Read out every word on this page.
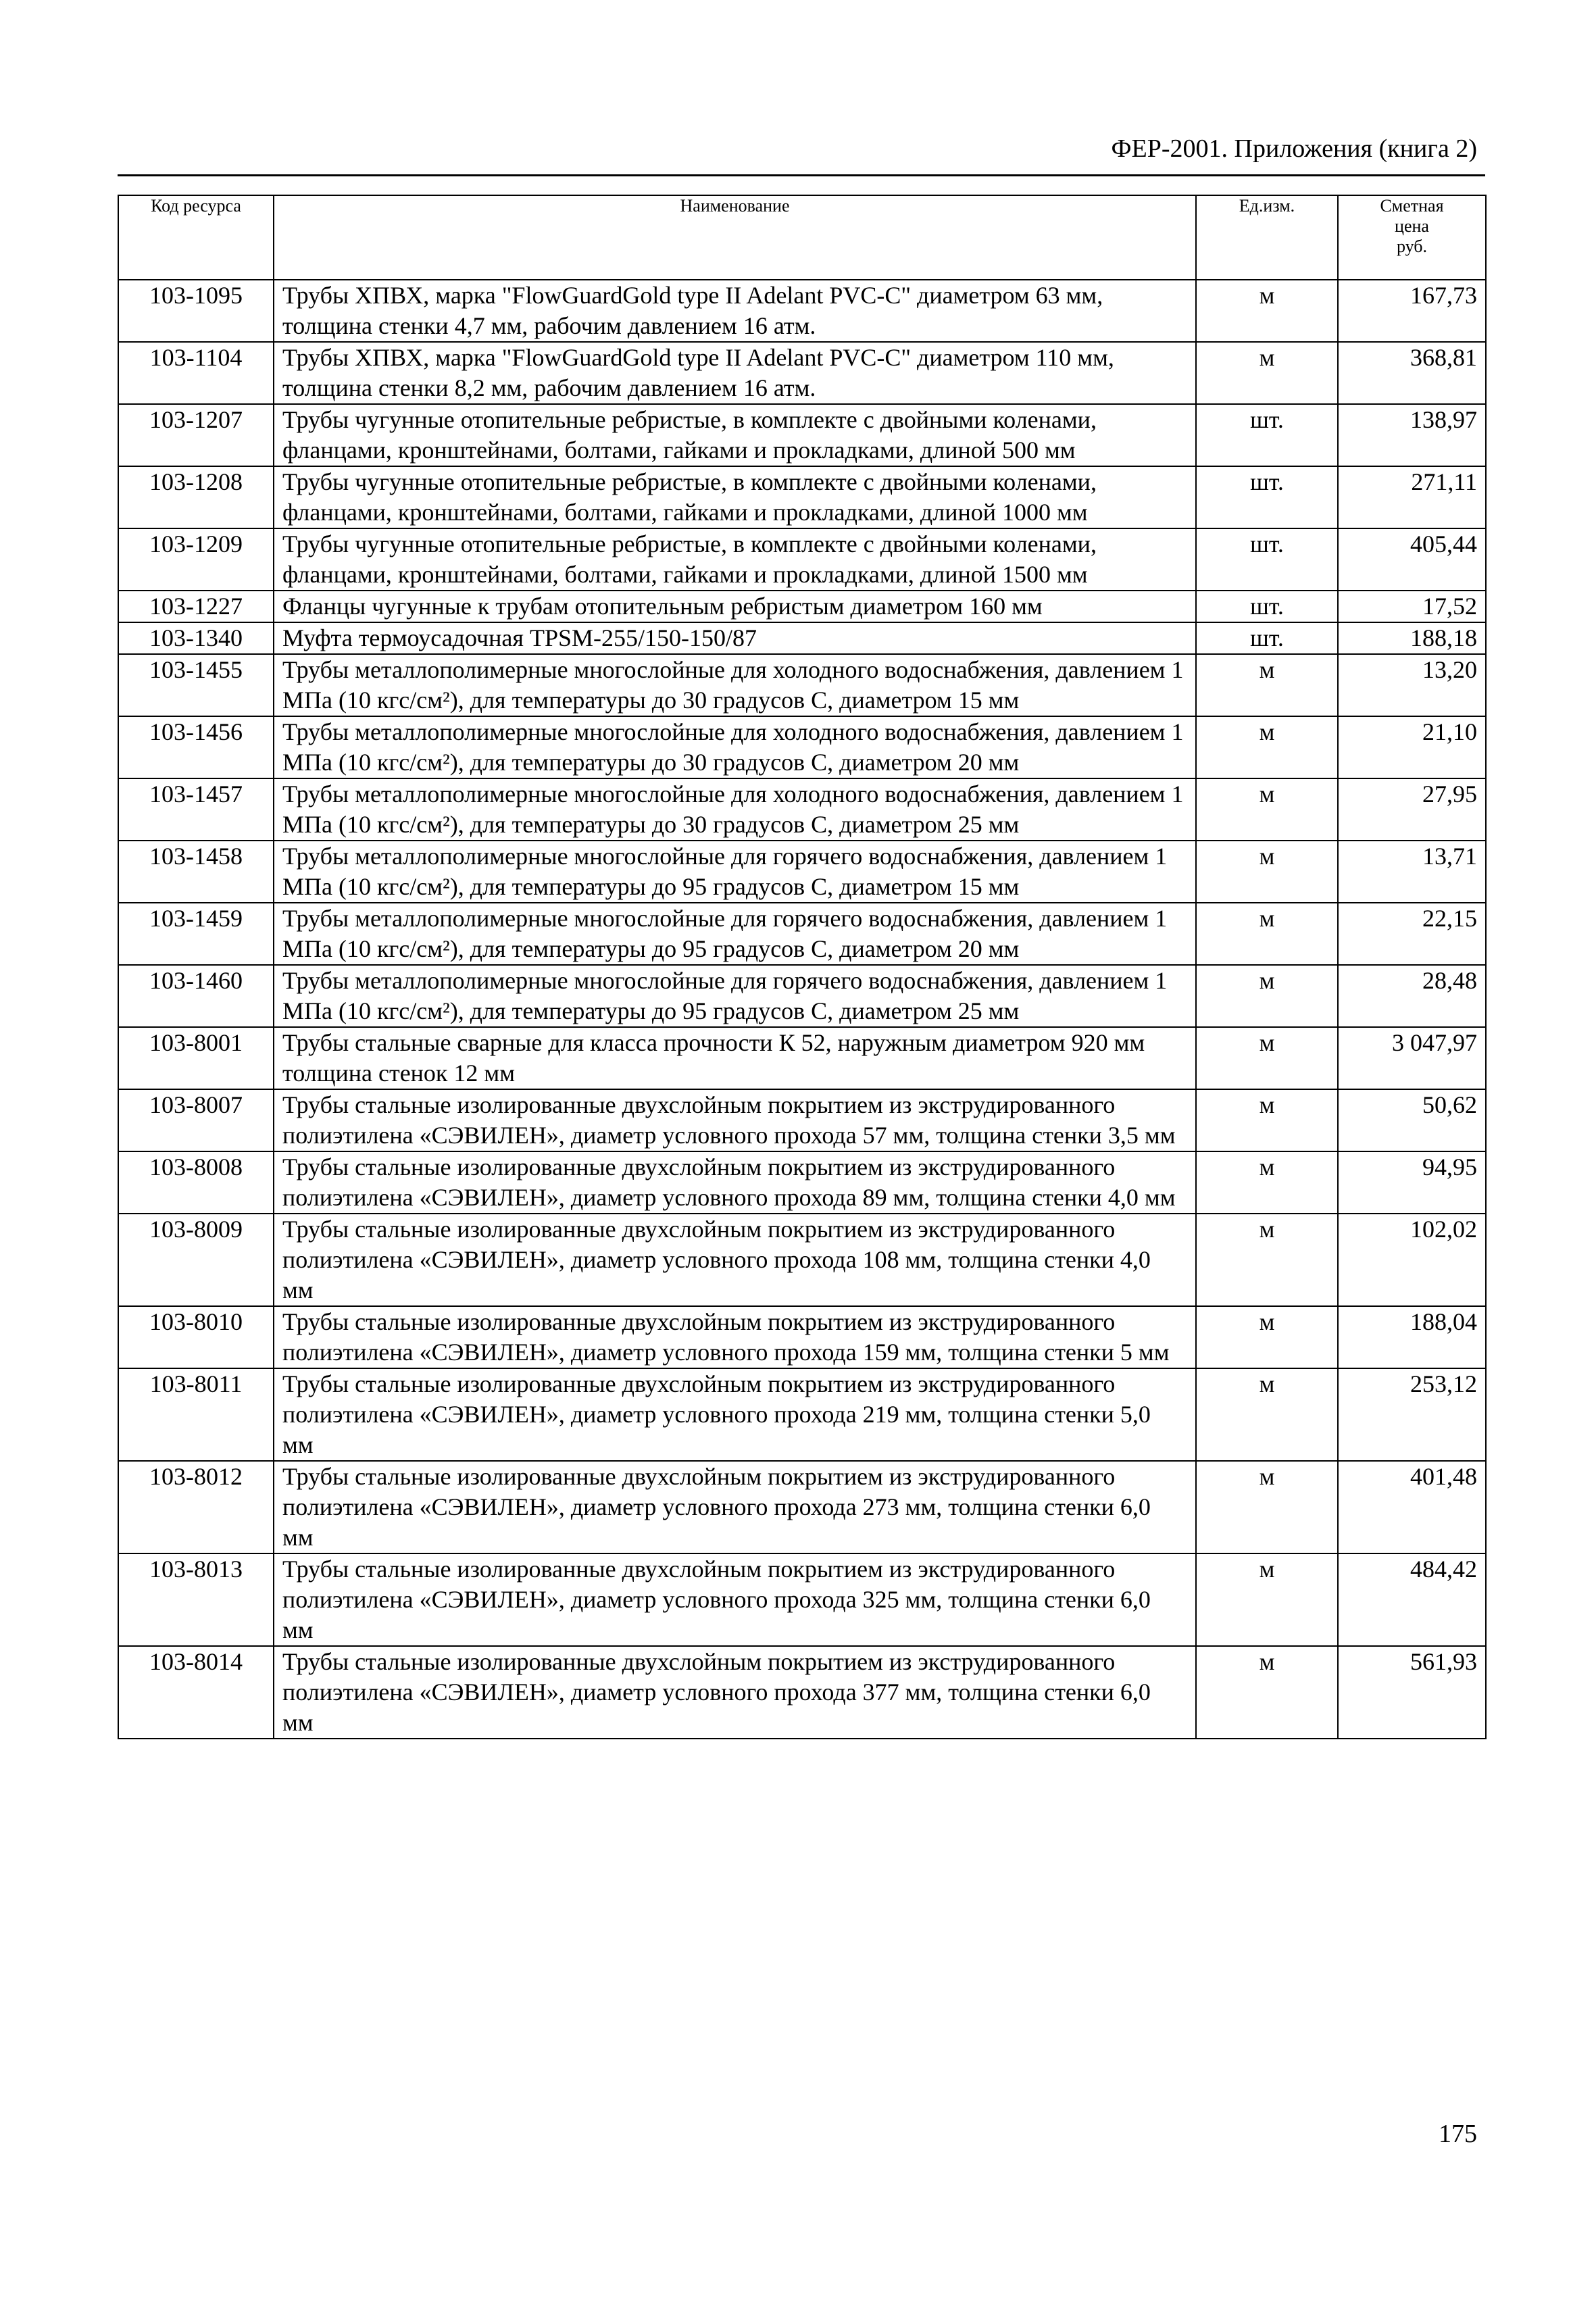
ФЕР-2001. Приложения (книга 2)
Код ресурса	Наименование	Ед.изм.	Сметная
цена
руб.

103-1095	Трубы ХПВХ, марка "FlowGuardGold type II Adelant PVC-C" диаметром 63 мм, толщина стенки 4,7 мм, рабочим давлением 16 атм.	м	167,73
103-1104	Трубы ХПВХ, марка "FlowGuardGold type II Adelant PVC-C" диаметром 110 мм, толщина стенки 8,2 мм, рабочим давлением 16 атм.	м	368,81
103-1207	Трубы чугунные отопительные ребристые, в комплекте с двойными коленами, фланцами, кронштейнами, болтами, гайками и прокладками, длиной 500 мм	шт.	138,97
103-1208	Трубы чугунные отопительные ребристые, в комплекте с двойными коленами, фланцами, кронштейнами, болтами, гайками и прокладками, длиной 1000 мм	шт.	271,11
103-1209	Трубы чугунные отопительные ребристые, в комплекте с двойными коленами, фланцами, кронштейнами, болтами, гайками и прокладками, длиной 1500 мм	шт.	405,44
103-1227	Фланцы чугунные к трубам отопительным ребристым диаметром 160 мм	шт.	17,52
103-1340	Муфта термоусадочная TPSM-255/150-150/87	шт.	188,18
103-1455	Трубы металлополимерные многослойные для холодного водоснабжения, давлением 1 МПа (10 кгс/см²), для температуры до 30 градусов С, диаметром 15 мм	м	13,20
103-1456	Трубы металлополимерные многослойные для холодного водоснабжения, давлением 1 МПа (10 кгс/см²), для температуры до 30 градусов С, диаметром 20 мм	м	21,10
103-1457	Трубы металлополимерные многослойные для холодного водоснабжения, давлением 1 МПа (10 кгс/см²), для температуры до 30 градусов С, диаметром 25 мм	м	27,95
103-1458	Трубы металлополимерные многослойные для горячего водоснабжения, давлением 1 МПа (10 кгс/см²), для температуры до 95 градусов С, диаметром 15 мм	м	13,71
103-1459	Трубы металлополимерные многослойные для горячего водоснабжения, давлением 1 МПа (10 кгс/см²), для температуры до 95 градусов С, диаметром 20 мм	м	22,15
103-1460	Трубы металлополимерные многослойные для горячего водоснабжения, давлением 1 МПа (10 кгс/см²), для температуры до 95 градусов С, диаметром 25 мм	м	28,48
103-8001	Трубы стальные сварные для класса прочности К 52, наружным диаметром 920 мм толщина стенок 12 мм	м	3 047,97
103-8007	Трубы стальные изолированные двухслойным покрытием из экструдированного полиэтилена «СЭВИЛЕН», диаметр условного прохода 57 мм, толщина стенки 3,5 мм	м	50,62
103-8008	Трубы стальные изолированные двухслойным покрытием из экструдированного полиэтилена «СЭВИЛЕН», диаметр условного прохода 89 мм, толщина стенки 4,0 мм	м	94,95
103-8009	Трубы стальные изолированные двухслойным покрытием из экструдированного полиэтилена «СЭВИЛЕН», диаметр условного прохода 108 мм, толщина стенки 4,0 мм	м	102,02
103-8010	Трубы стальные изолированные двухслойным покрытием из экструдированного полиэтилена «СЭВИЛЕН», диаметр условного прохода 159 мм, толщина стенки 5 мм	м	188,04
103-8011	Трубы стальные изолированные двухслойным покрытием из экструдированного полиэтилена «СЭВИЛЕН», диаметр условного прохода 219 мм, толщина стенки 5,0 мм	м	253,12
103-8012	Трубы стальные изолированные двухслойным покрытием из экструдированного полиэтилена «СЭВИЛЕН», диаметр условного прохода 273 мм, толщина стенки 6,0 мм	м	401,48
103-8013	Трубы стальные изолированные двухслойным покрытием из экструдированного полиэтилена «СЭВИЛЕН», диаметр условного прохода 325 мм, толщина стенки 6,0 мм	м	484,42
103-8014	Трубы стальные изолированные двухслойным покрытием из экструдированного полиэтилена «СЭВИЛЕН», диаметр условного прохода 377 мм, толщина стенки 6,0 мм	м	561,93
175
